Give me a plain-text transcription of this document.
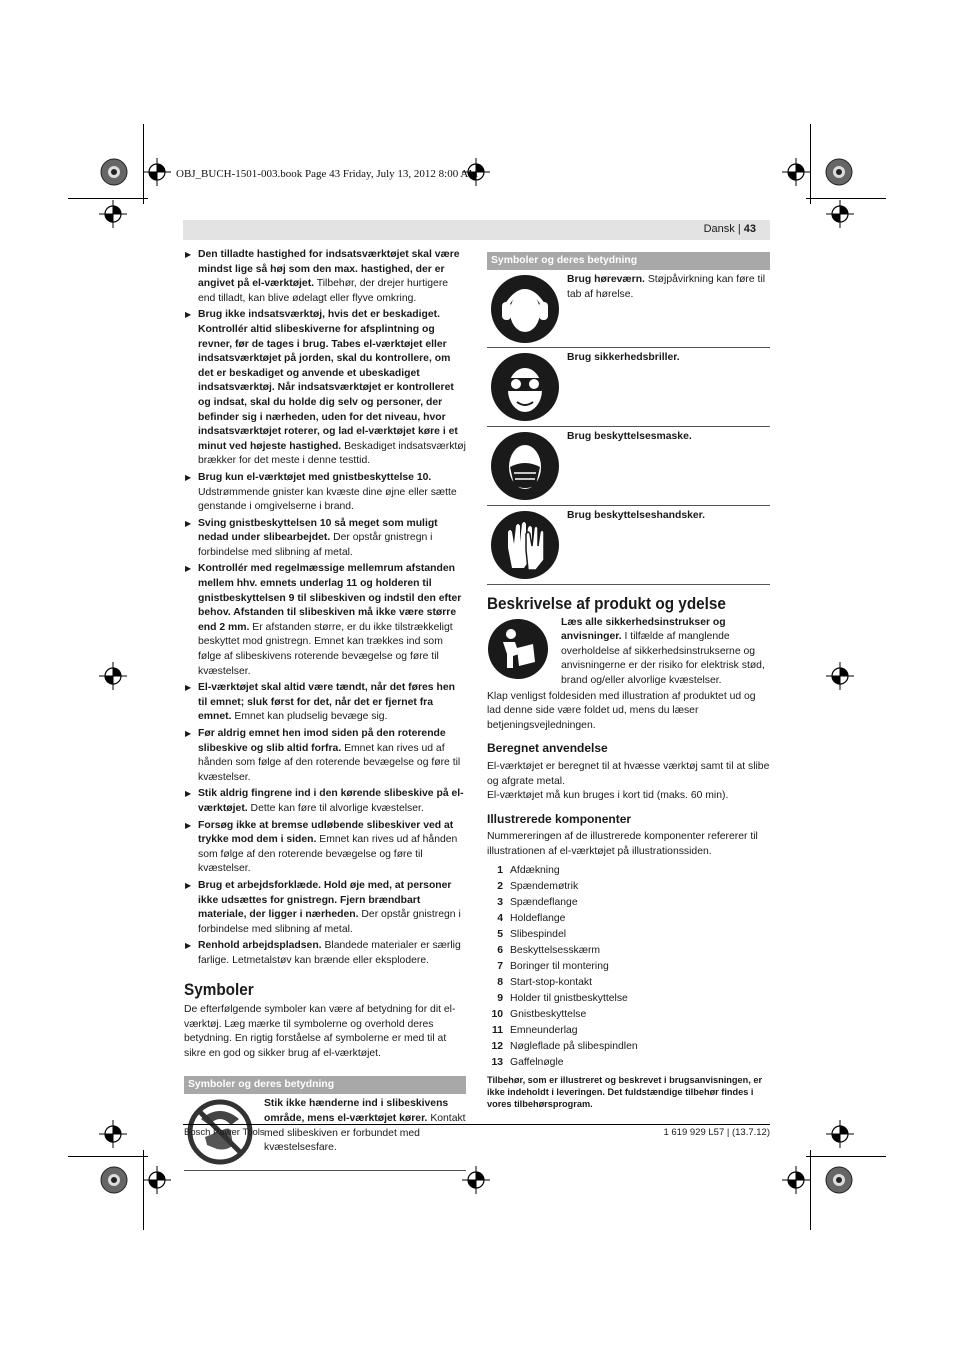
OBJ_BUCH-1501-003.book Page 43 Friday, July 13, 2012 8:00 AM
Dansk | 43
▶ Den tilladte hastighed for indsatsværktøjet skal være mindst lige så høj som den max. hastighed, der er angivet på el-værktøjet. Tilbehør, der drejer hurtigere end tilladt, kan blive ødelagt eller flyve omkring.
▶ Brug ikke indsatsværktøj, hvis det er beskadiget. Kontrollér altid slibeskiverne for afsplintning og revner, før de tages i brug. Tabes el-værktøjet eller indsatsværktøjet på jorden, skal du kontrollere, om det er beskadiget og anvende et ubeskadiget indsatsværktøj. Når indsatsværktøjet er kontrolleret og indsat, skal du holde dig selv og personer, der befinder sig i nærheden, uden for det niveau, hvor indsatsværktøjet roterer, og lad el-værktøjet køre i et minut ved højeste hastighed. Beskadiget indsatsværktøj brækker for det meste i denne testtid.
▶ Brug kun el-værktøjet med gnistbeskyttelse 10. Udstrømmende gnister kan kvæste dine øjne eller sætte genstande i omgivelserne i brand.
▶ Sving gnistbeskyttelsen 10 så meget som muligt nedad under slibearbejdet. Der opstår gnistregn i forbindelse med slibning af metal.
▶ Kontrollér med regelmæssige mellemrum afstanden mellem hhv. emnets underlag 11 og holderen til gnistbeskyttelsen 9 til slibeskiven og indstil den efter behov. Afstanden til slibeskiven må ikke være større end 2 mm. Er afstanden større, er du ikke tilstrækkeligt beskyttet mod gnistregn. Emnet kan trækkes ind som følge af slibeskivens roterende bevægelse og føre til kvæstelser.
▶ El-værktøjet skal altid være tændt, når det føres hen til emnet; sluk først for det, når det er fjernet fra emnet. Emnet kan pludselig bevæge sig.
▶ Før aldrig emnet hen imod siden på den roterende slibeskive og slib altid forfra. Emnet kan rives ud af hånden som følge af den roterende bevægelse og føre til kvæstelser.
▶ Stik aldrig fingrene ind i den kørende slibeskive på el-værktøjet. Dette kan føre til alvorlige kvæstelser.
▶ Forsøg ikke at bremse udløbende slibeskiver ved at trykke mod dem i siden. Emnet kan rives ud af hånden som følge af den roterende bevægelse og føre til kvæstelser.
▶ Brug et arbejdsforklæde. Hold øje med, at personer ikke udsættes for gnistregn. Fjern brændbart materiale, der ligger i nærheden. Der opstår gnistregn i forbindelse med slibning af metal.
▶ Renhold arbejdspladsen. Blandede materialer er særlig farlige. Letmetalstøv kan brænde eller eksplodere.
Symboler

De efterfølgende symboler kan være af betydning for dit el-værktøj. Læg mærke til symbolerne og overhold deres betydning. En rigtig forståelse af symbolerne er med til at sikre en god og sikker brug af el-værktøjet.

Symboler og deres betydning
Stik ikke hænderne ind i slibeskivens område, mens el-værktøjet kører. Kontakt med slibeskiven er forbundet med kvæstelsesfare.
Symboler og deres betydning
Brug høreværn. Støjpåvirkning kan føre til tab af hørelse.
Brug sikkerhedsbriller.
Brug beskyttelsesmaske.
Brug beskyttelseshandsker.
Beskrivelse af produkt og ydelse
Læs alle sikkerhedsinstrukser og anvisninger. I tilfælde af manglende overholdelse af sikkerhedsinstrukserne og anvisningerne er der risiko for elektrisk stød, brand og/eller alvorlige kvæstelser.

Klap venligst foldesiden med illustration af produktet ud og lad denne side være foldet ud, mens du læser betjeningsvejledningen.

Beregnet anvendelse

El-værktøjet er beregnet til at hvæsse værktøj samt til at slibe og afgrate metal.

El-værktøjet må kun bruges i kort tid (maks. 60 min).

Illustrerede komponenter

Nummereringen af de illustrerede komponenter refererer til illustrationen af el-værktøjet på illustrationssiden.

1 Afdækning
2 Spændemøtrik
3 Spændeflange
4 Holdeflange
5 Slibespindel
6 Beskyttelsesskærm
7 Boringer til montering
8 Start-stop-kontakt
9 Holder til gnistbeskyttelse
10 Gnistbeskyttelse
11 Emneunderlag
12 Nøgleflade på slibespindlen
13 Gaffelnøgle
Tilbehør, som er illustreret og beskrevet i brugsanvisningen, er ikke indeholdt i leveringen. Det fuldstændige tilbehør findes i vores tilbehørsprogram.
Bosch Power Tools	1 619 929 L57 | (13.7.12)
